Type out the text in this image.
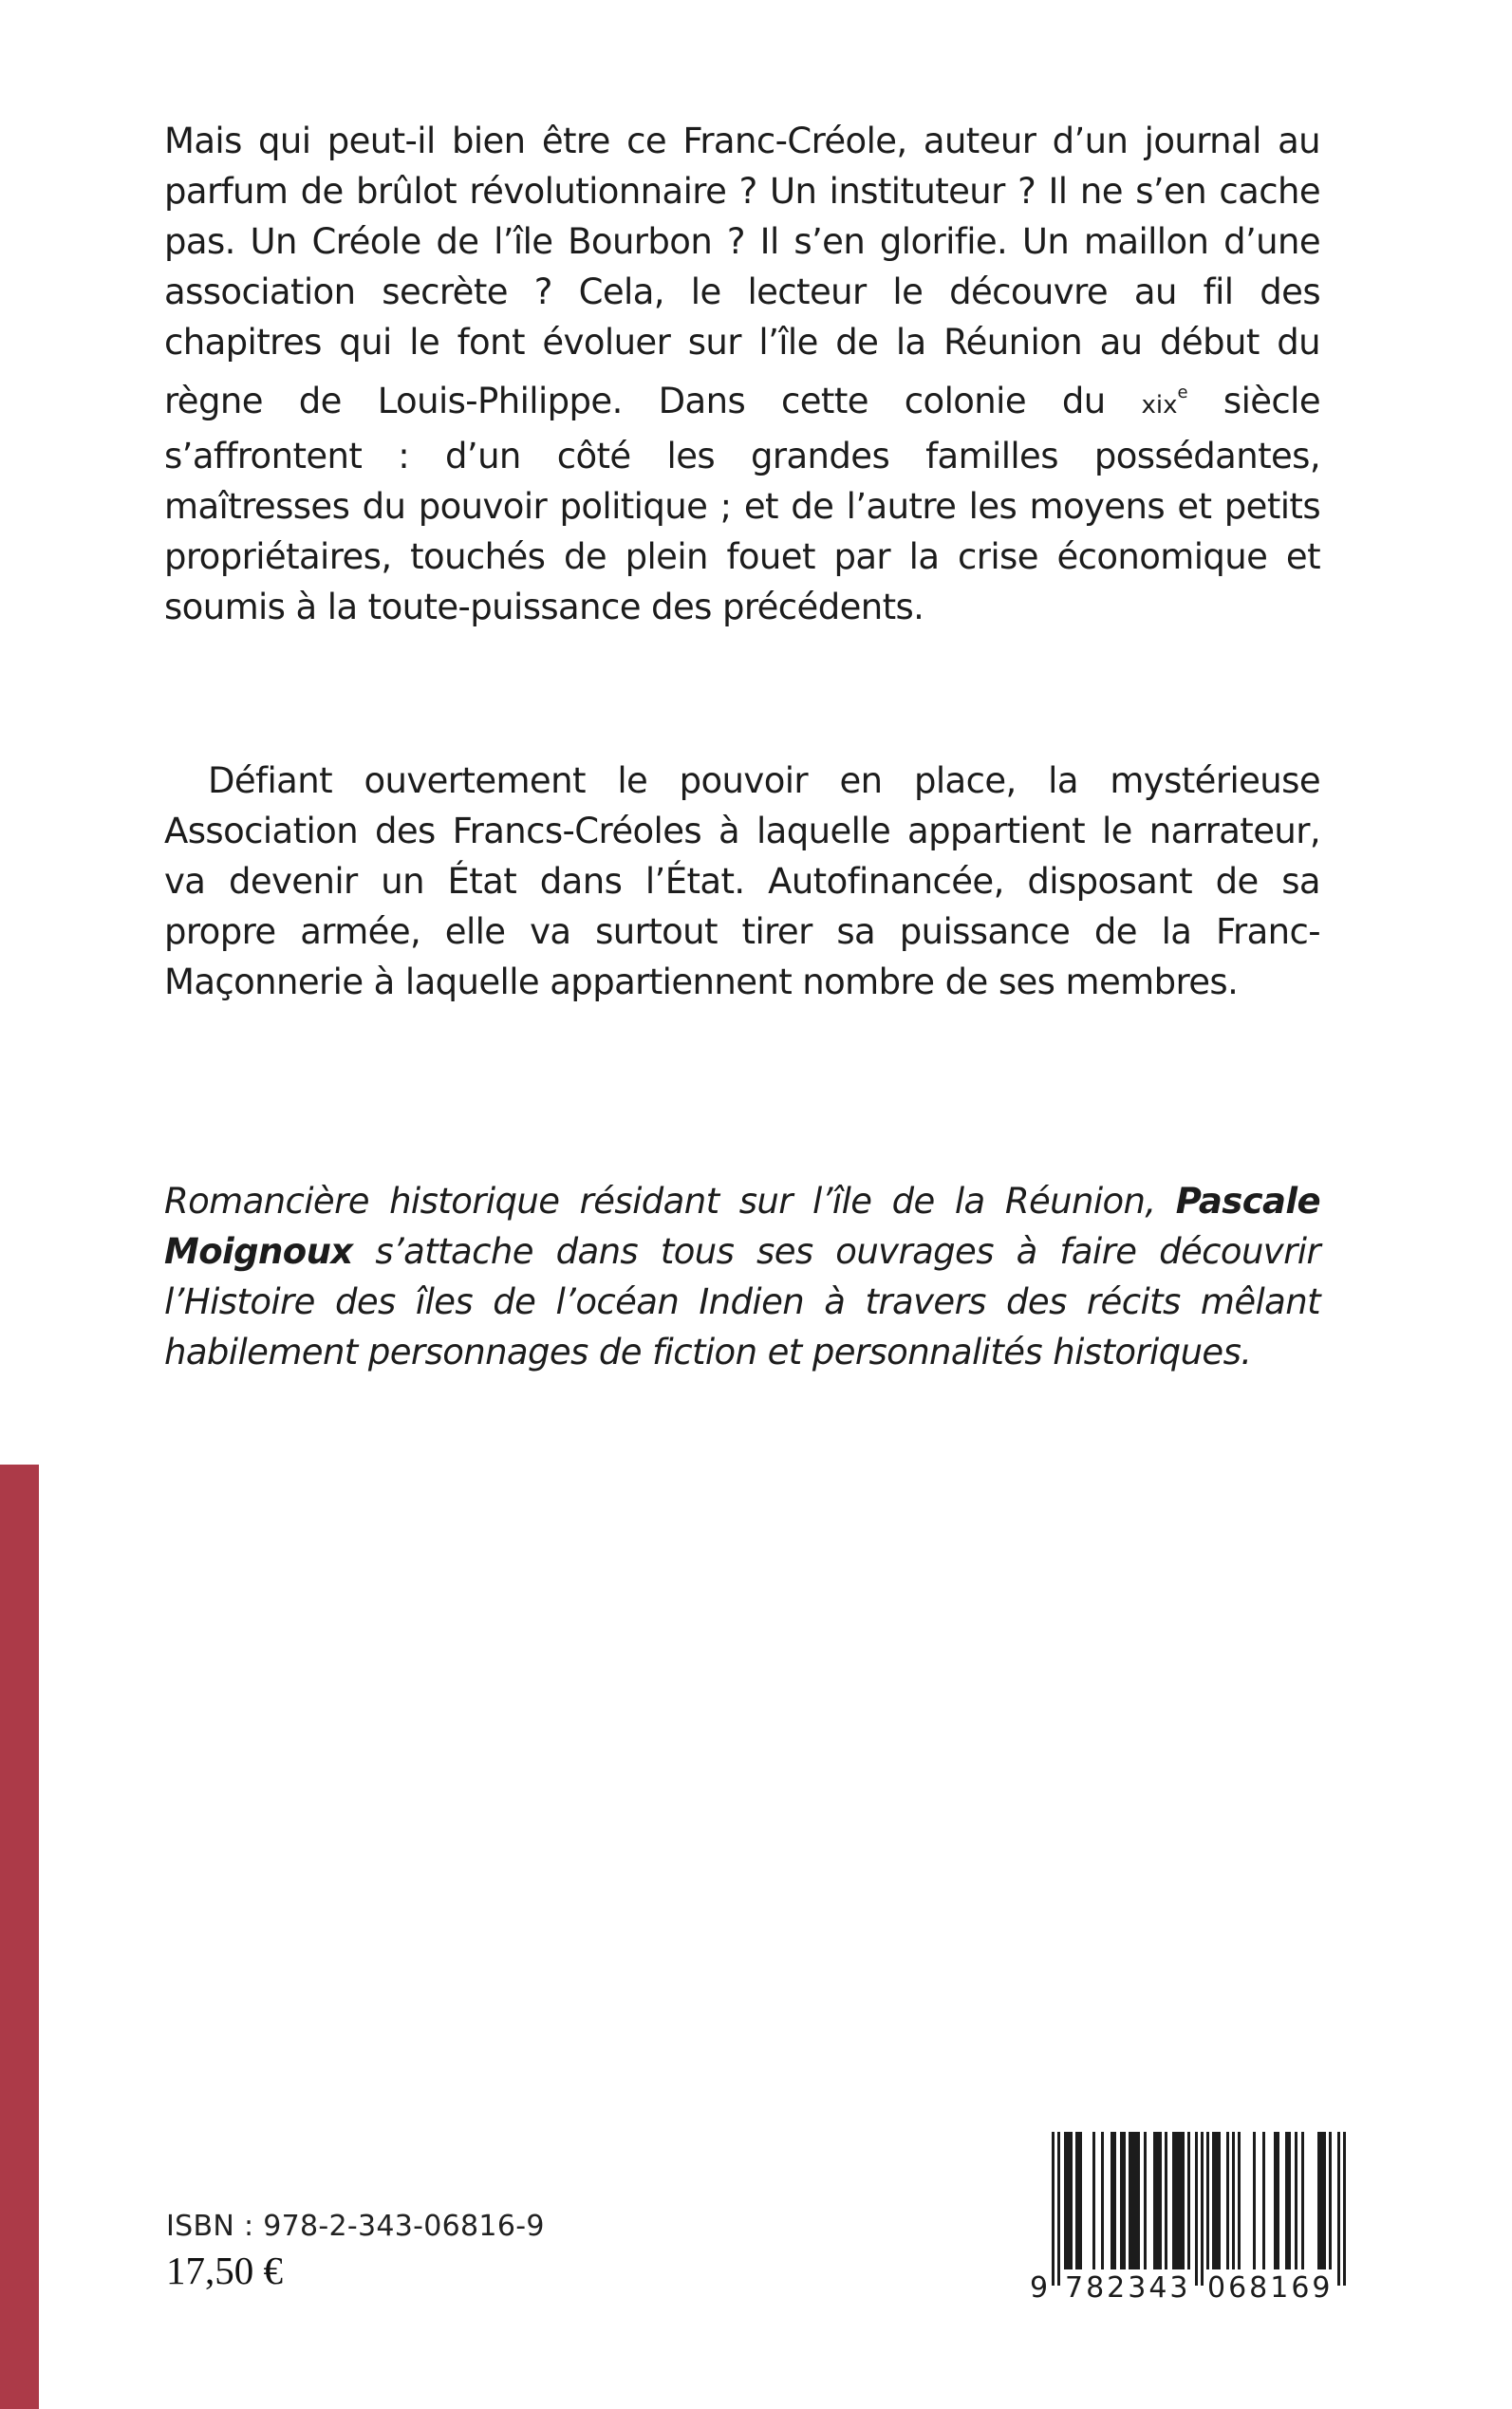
Mais qui peut-il bien être ce Franc-Créole, auteur d’un journal au parfum de brûlot révolutionnaire ? Un instituteur ? Il ne s’en cache pas. Un Créole de l’île Bourbon ? Il s’en glorifie. Un maillon d’une association secrète ? Cela, le lecteur le découvre au fil des chapitres qui le font évoluer sur l’île de la Réunion au début du règne de Louis-Philippe. Dans cette colonie du xix$^e$ siècle s’affrontent : d’un côté les grandes familles possédantes, maîtresses du pouvoir politique ; et de l’autre les moyens et petits propriétaires, touchés de plein fouet par la crise économique et soumis à la toute-puissance des précédents.

Défiant ouvertement le pouvoir en place, la mystérieuse Association des Francs-Créoles à laquelle appartient le narrateur, va devenir un État dans l’État. Autofinancée, disposant de sa propre armée, elle va surtout tirer sa puissance de la Franc-Maçonnerie à laquelle appartiennent nombre de ses membres.

Romancière historique résidant sur l’île de la Réunion, Pascale Moignoux s’attache dans tous ses ouvrages à faire découvrir l’Histoire des îles de l’océan Indien à travers des récits mêlant habilement personnages de fiction et personnalités historiques.

ISBN : 978-2-343-06816-9
17,50 €	9 782343 068169
